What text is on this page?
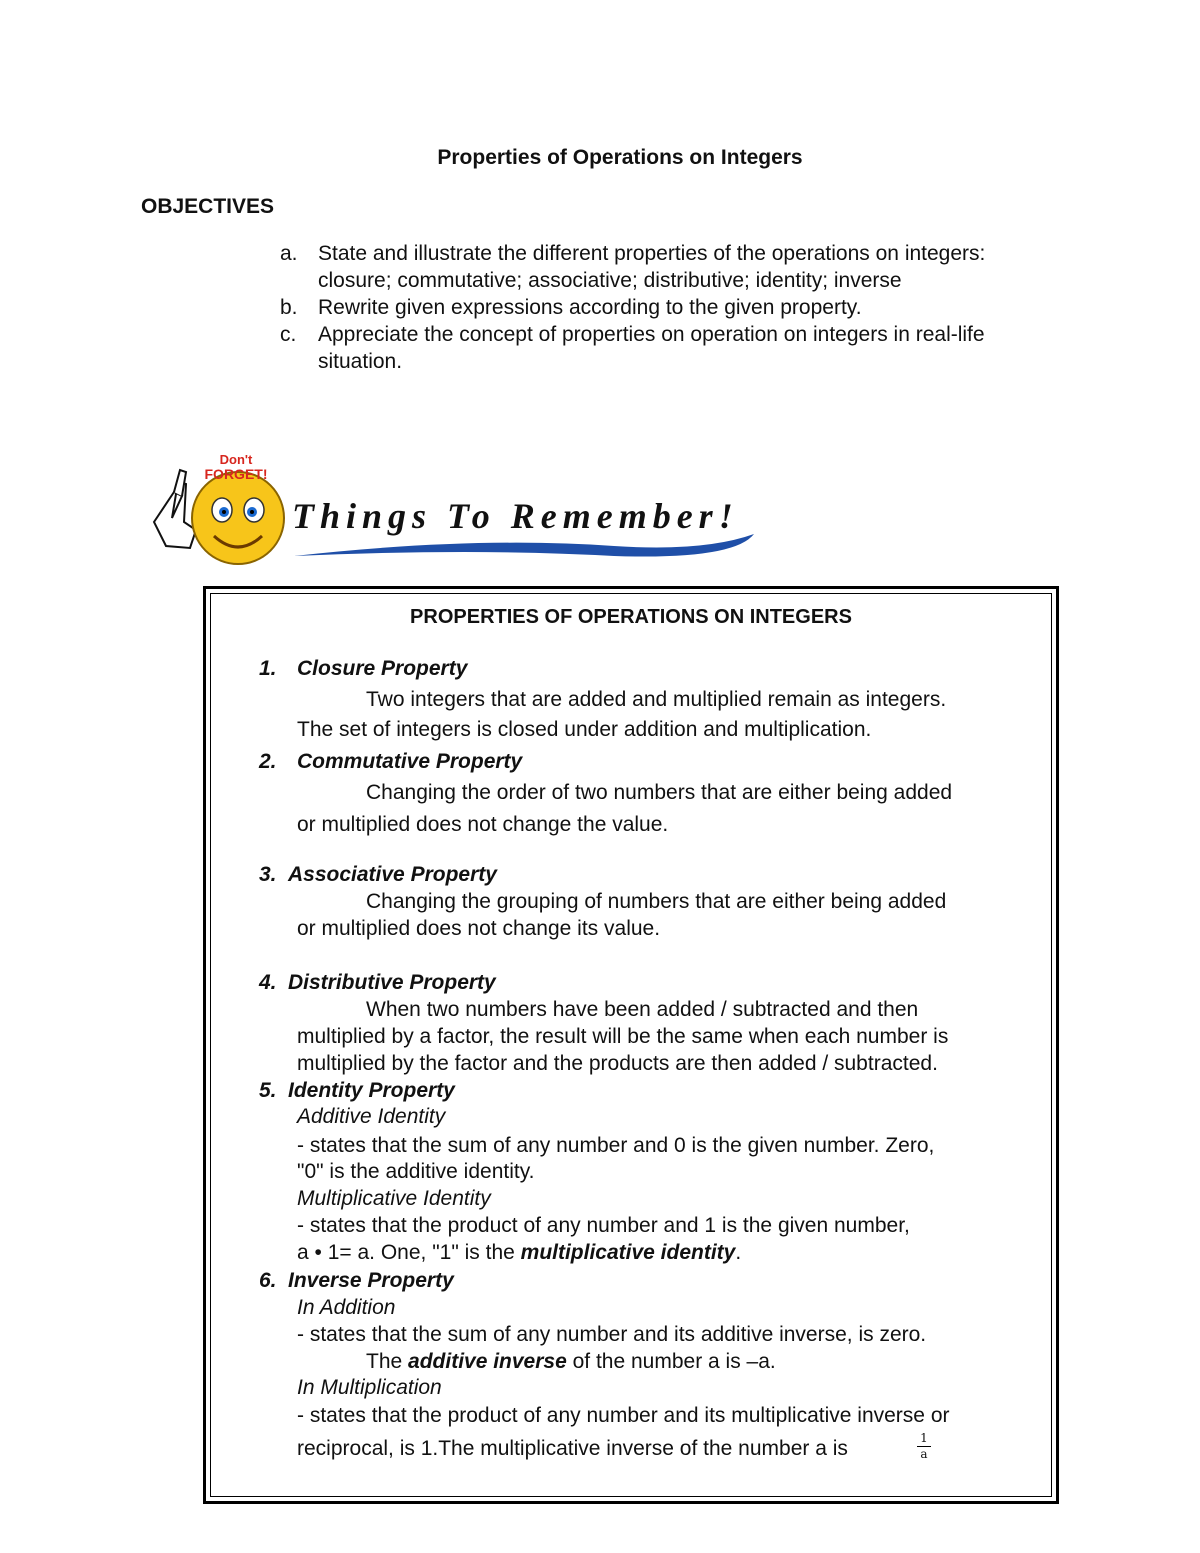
Properties of Operations on Integers
OBJECTIVES
a. State and illustrate the different properties of the operations on integers:
closure; commutative; associative; distributive; identity; inverse
b. Rewrite given expressions according to the given property.
c. Appreciate the concept of properties on operation on integers in real-life
situation.
Don't
FORGET!
Things To Remember!
PROPERTIES OF OPERATIONS ON INTEGERS
1. Closure Property
Two integers that are added and multiplied remain as integers.
The set of integers is closed under addition and multiplication.
2. Commutative Property
Changing the order of two numbers that are either being added
or multiplied does not change the value.
3. Associative Property
Changing the grouping of numbers that are either being added
or multiplied does not change its value.
4. Distributive Property
When two numbers have been added / subtracted and then
multiplied by a factor, the result will be the same when each number is
multiplied by the factor and the products are then added / subtracted.
5. Identity Property
Additive Identity
- states that the sum of any number and 0 is the given number. Zero,
"0" is the additive identity.
Multiplicative Identity
- states that the product of any number and 1 is the given number,
a • 1= a. One, "1" is the multiplicative identity.
6. Inverse Property
In Addition
- states that the sum of any number and its additive inverse, is zero.
The additive inverse of the number a is –a.
In Multiplication
- states that the product of any number and its multiplicative inverse or
reciprocal, is 1.The multiplicative inverse of the number a is	1
a
